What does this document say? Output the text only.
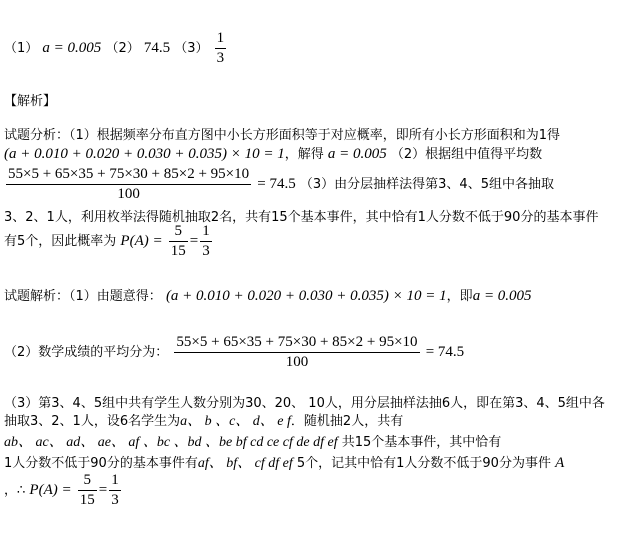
（1） a = 0.005 （2） 74.5 $(3) \frac{1}{3}$
【解析】
试题分析：（1）根据频率分布直方图中小长方形面积等于对应概率，即所有小长方形面积和为1得
(a + 0.010 + 0.020 + 0.030 + 0.035) × 10 = 1，解得 a = 0.005 （2）根据组中值得平均数
$\frac{55\times 5 + 65\times 35 + 75\times 30 + 85\times 2 + 95\times 10}{100} = 74.5$ （3）由分层抽样法得第3、4、5组中各抽取
3、2、1人，利用枚举法得随机抽取2名，共有15个基本事件，其中恰有1人分数不低于90分的基本事件
有5个，因此概率为 $P(A) = \frac{5}{15} = \frac{1}{3}$
试题解析：（1）由题意得： (a + 0.010 + 0.020 + 0.030 + 0.035) × 10 = 1，即a = 0.005
（2）数学成绩的平均分为： $\frac{55\times 5 + 65\times 35 + 75\times 30 + 85\times 2 + 95\times 10}{100} = 74.5$
（3）第3、4、5组中共有学生人数分别为30、20、 10人，用分层抽样法抽6人，即在第3、4、5组中各
抽取3、2、1人，设6名学生为a、 b 、c、 d、 e f．随机抽2人，共有
ab、 ac、 ad、 ae、 af 、bc 、bd 、be bf cd ce cf de df ef 共15个基本事件，其中恰有
1人分数不低于90分的基本事件有af、 bf、 cf df ef 5个，记其中恰有1人分数不低于90分为事件 A
，∴ $P(A) = \frac{5}{15} = \frac{1}{3}$
